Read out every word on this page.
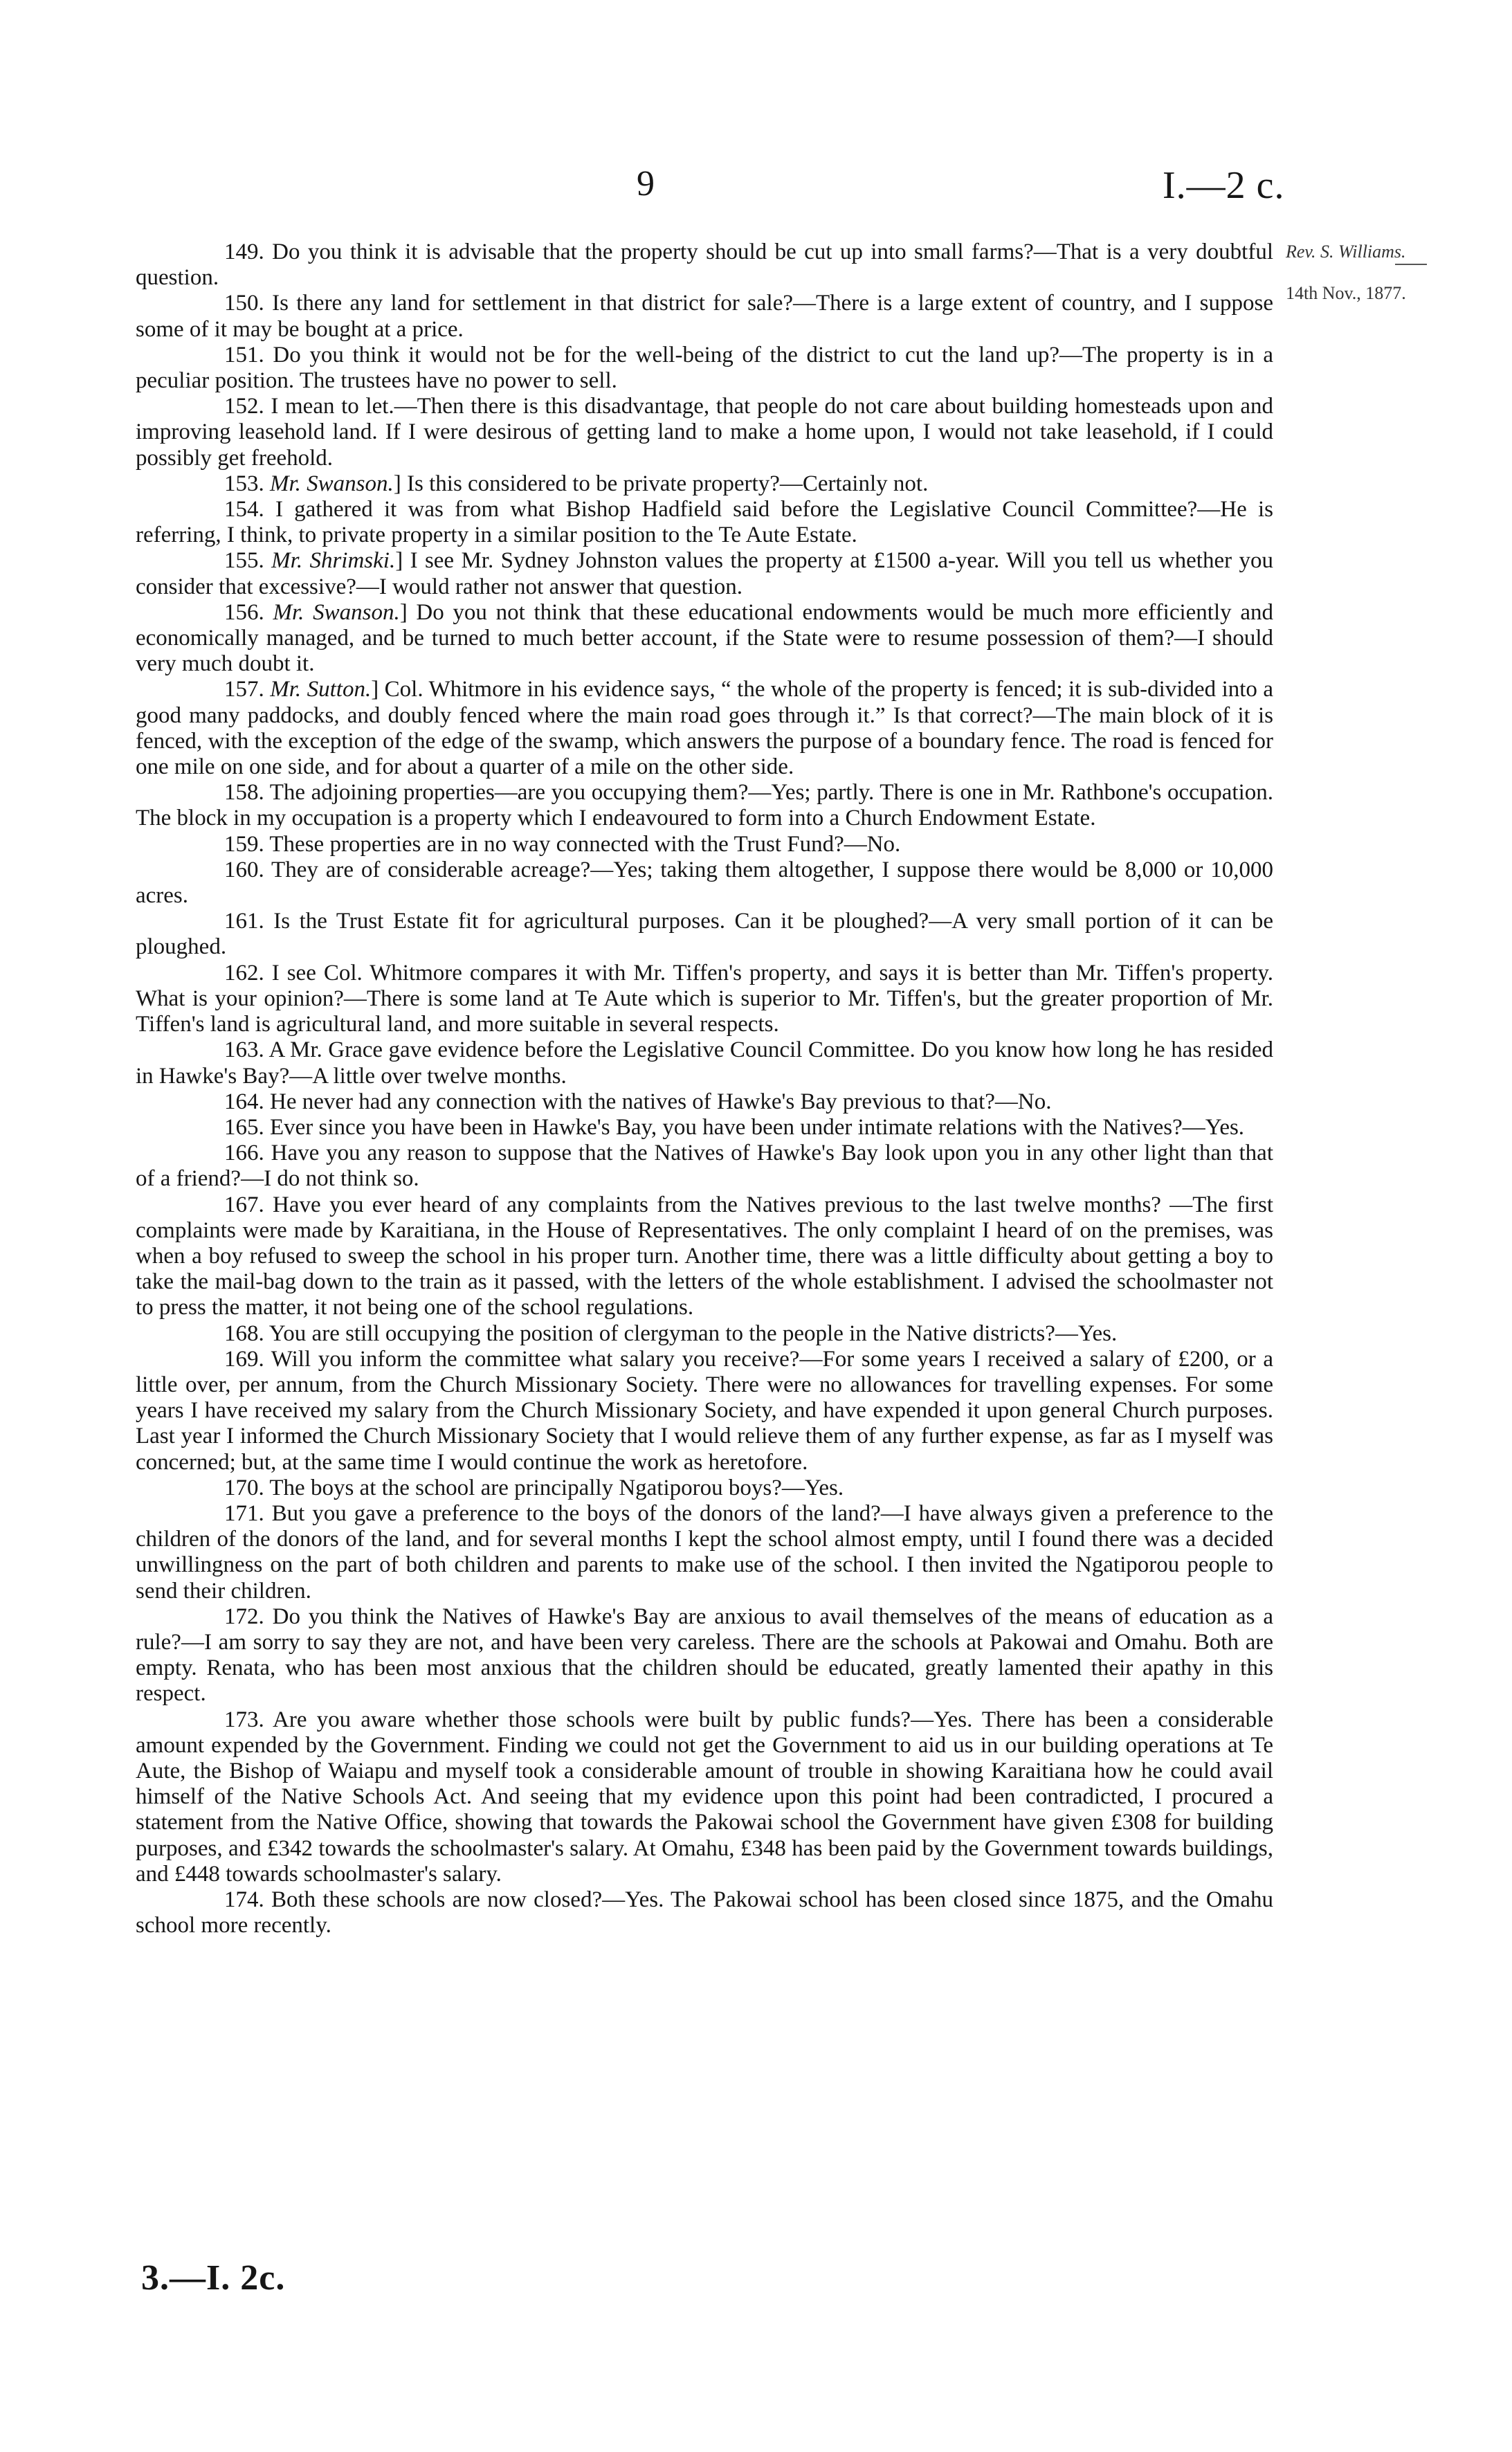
9	I.—2 c.
Rev. S. Williams.
14th Nov., 1877.

149. Do you think it is advisable that the property should be cut up into small farms?—That is a very doubtful question.

150. Is there any land for settlement in that district for sale?—There is a large extent of country, and I suppose some of it may be bought at a price.

151. Do you think it would not be for the well-being of the district to cut the land up?—The property is in a peculiar position. The trustees have no power to sell.

152. I mean to let.—Then there is this disadvantage, that people do not care about building homesteads upon and improving leasehold land. If I were desirous of getting land to make a home upon, I would not take leasehold, if I could possibly get freehold.

153. Mr. Swanson.] Is this considered to be private property?—Certainly not.

154. I gathered it was from what Bishop Hadfield said before the Legislative Council Committee?—He is referring, I think, to private property in a similar position to the Te Aute Estate.

155. Mr. Shrimski.] I see Mr. Sydney Johnston values the property at £1500 a-year. Will you tell us whether you consider that excessive?—I would rather not answer that question.

156. Mr. Swanson.] Do you not think that these educational endowments would be much more efficiently and economically managed, and be turned to much better account, if the State were to resume possession of them?—I should very much doubt it.

157. Mr. Sutton.] Col. Whitmore in his evidence says, “ the whole of the property is fenced; it is sub-divided into a good many paddocks, and doubly fenced where the main road goes through it.” Is that correct?—The main block of it is fenced, with the exception of the edge of the swamp, which answers the purpose of a boundary fence. The road is fenced for one mile on one side, and for about a quarter of a mile on the other side.

158. The adjoining properties—are you occupying them?—Yes; partly. There is one in Mr. Rathbone's occupation. The block in my occupation is a property which I endeavoured to form into a Church Endowment Estate.

159. These properties are in no way connected with the Trust Fund?—No.

160. They are of considerable acreage?—Yes; taking them altogether, I suppose there would be 8,000 or 10,000 acres.

161. Is the Trust Estate fit for agricultural purposes. Can it be ploughed?—A very small portion of it can be ploughed.

162. I see Col. Whitmore compares it with Mr. Tiffen's property, and says it is better than Mr. Tiffen's property. What is your opinion?—There is some land at Te Aute which is superior to Mr. Tiffen's, but the greater proportion of Mr. Tiffen's land is agricultural land, and more suitable in several respects.

163. A Mr. Grace gave evidence before the Legislative Council Committee. Do you know how long he has resided in Hawke's Bay?—A little over twelve months.

164. He never had any connection with the natives of Hawke's Bay previous to that?—No.

165. Ever since you have been in Hawke's Bay, you have been under intimate relations with the Natives?—Yes.

166. Have you any reason to suppose that the Natives of Hawke's Bay look upon you in any other light than that of a friend?—I do not think so.

167. Have you ever heard of any complaints from the Natives previous to the last twelve months? —The first complaints were made by Karaitiana, in the House of Representatives. The only complaint I heard of on the premises, was when a boy refused to sweep the school in his proper turn. Another time, there was a little difficulty about getting a boy to take the mail-bag down to the train as it passed, with the letters of the whole establishment. I advised the schoolmaster not to press the matter, it not being one of the school regulations.

168. You are still occupying the position of clergyman to the people in the Native districts?—Yes.

169. Will you inform the committee what salary you receive?—For some years I received a salary of £200, or a little over, per annum, from the Church Missionary Society. There were no allowances for travelling expenses. For some years I have received my salary from the Church Missionary Society, and have expended it upon general Church purposes. Last year I informed the Church Missionary Society that I would relieve them of any further expense, as far as I myself was concerned; but, at the same time I would continue the work as heretofore.

170. The boys at the school are principally Ngatiporou boys?—Yes.

171. But you gave a preference to the boys of the donors of the land?—I have always given a preference to the children of the donors of the land, and for several months I kept the school almost empty, until I found there was a decided unwillingness on the part of both children and parents to make use of the school. I then invited the Ngatiporou people to send their children.

172. Do you think the Natives of Hawke's Bay are anxious to avail themselves of the means of education as a rule?—I am sorry to say they are not, and have been very careless. There are the schools at Pakowai and Omahu. Both are empty. Renata, who has been most anxious that the children should be educated, greatly lamented their apathy in this respect.

173. Are you aware whether those schools were built by public funds?—Yes. There has been a considerable amount expended by the Government. Finding we could not get the Government to aid us in our building operations at Te Aute, the Bishop of Waiapu and myself took a considerable amount of trouble in showing Karaitiana how he could avail himself of the Native Schools Act. And seeing that my evidence upon this point had been contradicted, I procured a statement from the Native Office, showing that towards the Pakowai school the Government have given £308 for building purposes, and £342 towards the schoolmaster's salary. At Omahu, £348 has been paid by the Government towards buildings, and £448 towards schoolmaster's salary.

174. Both these schools are now closed?—Yes. The Pakowai school has been closed since 1875, and the Omahu school more recently.

3.—I. 2c.
